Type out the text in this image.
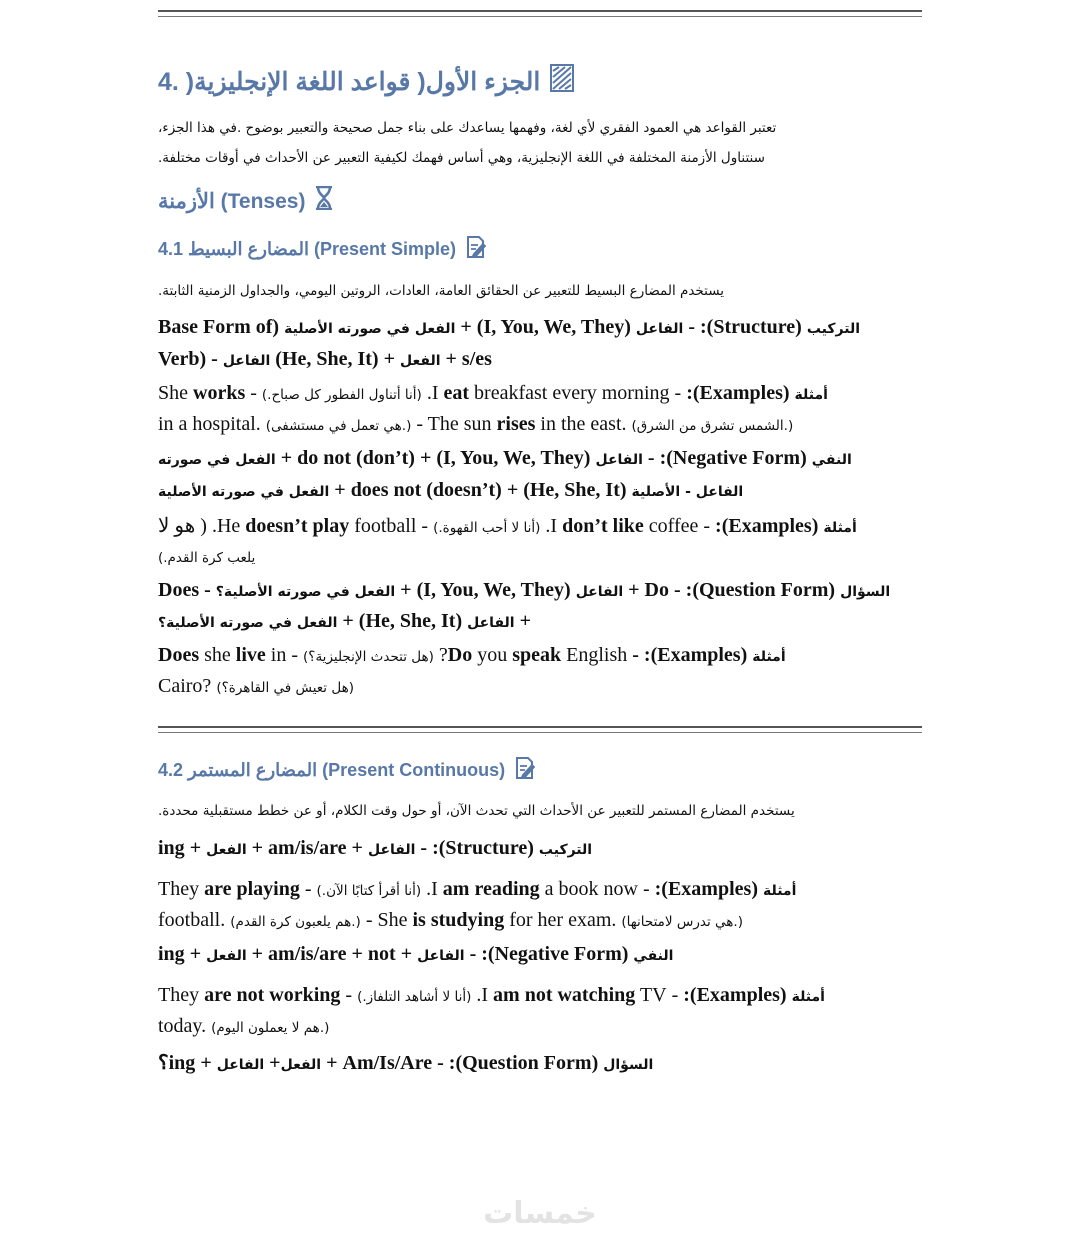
4. )الجزء الأول( قواعد اللغة الإنجليزية
تعتبر القواعد هي العمود الفقري لأي لغة، وفهمها يساعدك على بناء جمل صحيحة والتعبير بوضوح .في هذا الجزء،
سنتناول الأزمنة المختلفة في اللغة الإنجليزية، وهي أساس فهمك لكيفية التعبير عن الأحداث في أوقات مختلفة.
الأزمنة (Tenses)
4.1 المضارع البسيط (Present Simple)
يستخدم المضارع البسيط للتعبير عن الحقائق العامة، العادات، الروتين اليومي، والجداول الزمنية الثابتة.
التركيب (Structure): - الفاعل (I, You, We, They) + الفعل في صورته الأصلية (Base Form of
Verb) - الفاعل (He, She, It) + الفعل + s/es
أمثلة (Examples): - I eat breakfast every morning. (أنا أتناول الفطور كل صباح.) - She works
in a hospital. (هي تعمل في مستشفى.) - The sun rises in the east. (الشمس تشرق من الشرق.)
النفي (Negative Form): - الفاعل (I, You, We, They) + do not (don’t) + الفعل في صورته
الفاعل - الأصلية (He, She, It) + does not (doesn’t) + الفعل في صورته الأصلية
أمثلة (Examples): - I don’t like coffee. (أنا لا أحب القهوة.) - He doesn’t play football. ( هو لا
يلعب كرة القدم.)
السؤال (Question Form): - Do + الفاعل (I, You, We, They) + الفعل في صورته الأصلية؟ - Does
+ الفاعل (He, She, It) + الفعل في صورته الأصلية؟
أمثلة (Examples): - Do you speak English? (هل تتحدث الإنجليزية؟) - Does she live in
Cairo? (هل تعيش في القاهرة؟)
4.2 المضارع المستمر (Present Continuous)
يستخدم المضارع المستمر للتعبير عن الأحداث التي تحدث الآن، أو حول وقت الكلام، أو عن خطط مستقبلية محددة.
التركيب (Structure): - الفاعل + am/is/are + الفعل + ing
أمثلة (Examples): - I am reading a book now. (أنا أقرأ كتابًا الآن.) - They are playing
football. (هم يلعبون كرة القدم.) - She is studying for her exam. (هي تدرس لامتحانها.)
النفي (Negative Form): - الفاعل + am/is/are + not + الفعل + ing
أمثلة (Examples): - I am not watching TV. (أنا لا أشاهد التلفاز.) - They are not working
today. (هم لا يعملون اليوم.)
السؤال (Question Form): - Am/Is/Are + الفعل+ الفاعل + ing؟
خمسات
